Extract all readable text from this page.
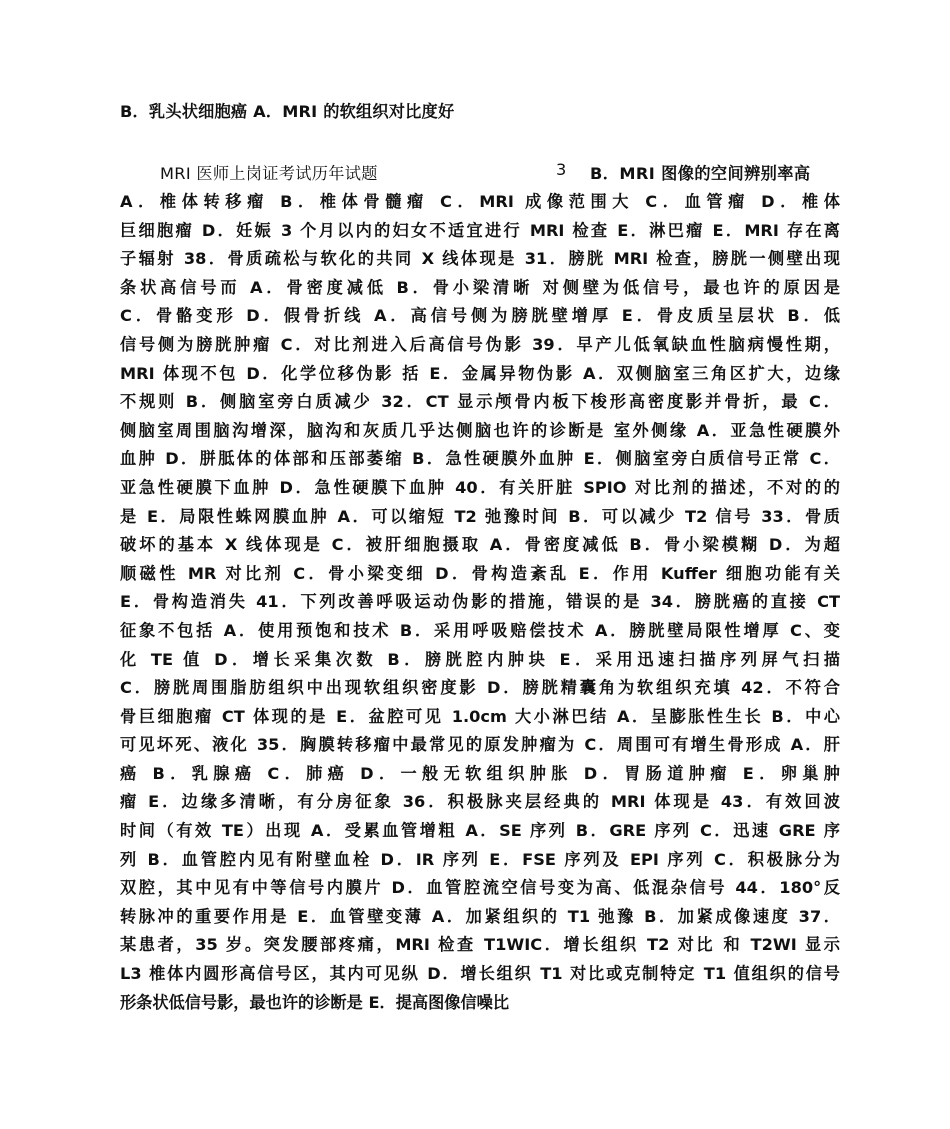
B．乳头状细胞癌 A．MRI 的软组织对比度好
MRI 医师上岗证考试历年试题	3 B．MRI 图像的空间辨别率高
A．椎体转移瘤 B．椎体骨髓瘤 C．MRI 成像范围大 C．血管瘤 D．椎体
巨细胞瘤 D．妊娠 3 个月以内的妇女不适宜进行 MRI 检查 E．淋巴瘤 E．MRI 存在离
子辐射 38．骨质疏松与软化的共同 X 线体现是 31．膀胱 MRI 检查，膀胱一侧壁出现
条状高信号而 A．骨密度减低 B．骨小梁清晰 对侧壁为低信号，最也许的原因是
C．骨骼变形 D．假骨折线 A．高信号侧为膀胱壁增厚 E．骨皮质呈层状 B．低
信号侧为膀胱肿瘤 C．对比剂进入后高信号伪影 39．早产儿低氧缺血性脑病慢性期，
MRI 体现不包 D．化学位移伪影 括 E．金属异物伪影 A．双侧脑室三角区扩大，边缘
不规则 B．侧脑室旁白质减少 32．CT 显示颅骨内板下梭形高密度影并骨折，最 C．
侧脑室周围脑沟增深，脑沟和灰质几乎达侧脑也许的诊断是 室外侧缘 A．亚急性硬膜外
血肿 D．胼胝体的体部和压部萎缩 B．急性硬膜外血肿 E．侧脑室旁白质信号正常 C．
亚急性硬膜下血肿 D．急性硬膜下血肿 40．有关肝脏 SPIO 对比剂的描述，不对的的
是 E．局限性蛛网膜血肿 A．可以缩短 T2 弛豫时间 B．可以减少 T2 信号 33．骨质
破坏的基本 X 线体现是 C．被肝细胞摄取 A．骨密度减低 B．骨小梁模糊 D．为超
顺磁性 MR 对比剂 C．骨小梁变细 D．骨构造紊乱 E．作用 Kuffer 细胞功能有关
E．骨构造消失 41．下列改善呼吸运动伪影的措施，错误的是 34．膀胱癌的直接 CT
征象不包括 A．使用预饱和技术 B．采用呼吸赔偿技术 A．膀胱壁局限性增厚 C、变
化 TE 值 D．增长采集次数 B．膀胱腔内肿块 E．采用迅速扫描序列屏气扫描
C．膀胱周围脂肪组织中出现软组织密度影 D．膀胱精囊角为软组织充填 42．不符合
骨巨细胞瘤 CT 体现的是 E．盆腔可见 1.0cm 大小淋巴结 A．呈膨胀性生长 B．中心
可见坏死、液化 35．胸膜转移瘤中最常见的原发肿瘤为 C．周围可有增生骨形成 A．肝
癌 B．乳腺癌 C．肺癌 D．一般无软组织肿胀 D．胃肠道肿瘤 E．卵巢肿
瘤 E．边缘多清晰，有分房征象 36．积极脉夹层经典的 MRI 体现是 43．有效回波
时间（有效 TE）出现 A．受累血管增粗 A．SE 序列 B．GRE 序列 C．迅速 GRE 序
列 B．血管腔内见有附壁血栓 D．IR 序列 E．FSE 序列及 EPI 序列 C．积极脉分为
双腔，其中见有中等信号内膜片 D．血管腔流空信号变为高、低混杂信号 44．180°反
转脉冲的重要作用是 E．血管壁变薄 A．加紧组织的 T1 弛豫 B．加紧成像速度 37．
某患者，35 岁。突发腰部疼痛，MRI 检查 T1WIC．增长组织 T2 对比 和 T2WI 显示
L3 椎体内圆形高信号区，其内可见纵 D．增长组织 T1 对比或克制特定 T1 值组织的信号
形条状低信号影，最也许的诊断是 E．提高图像信噪比
